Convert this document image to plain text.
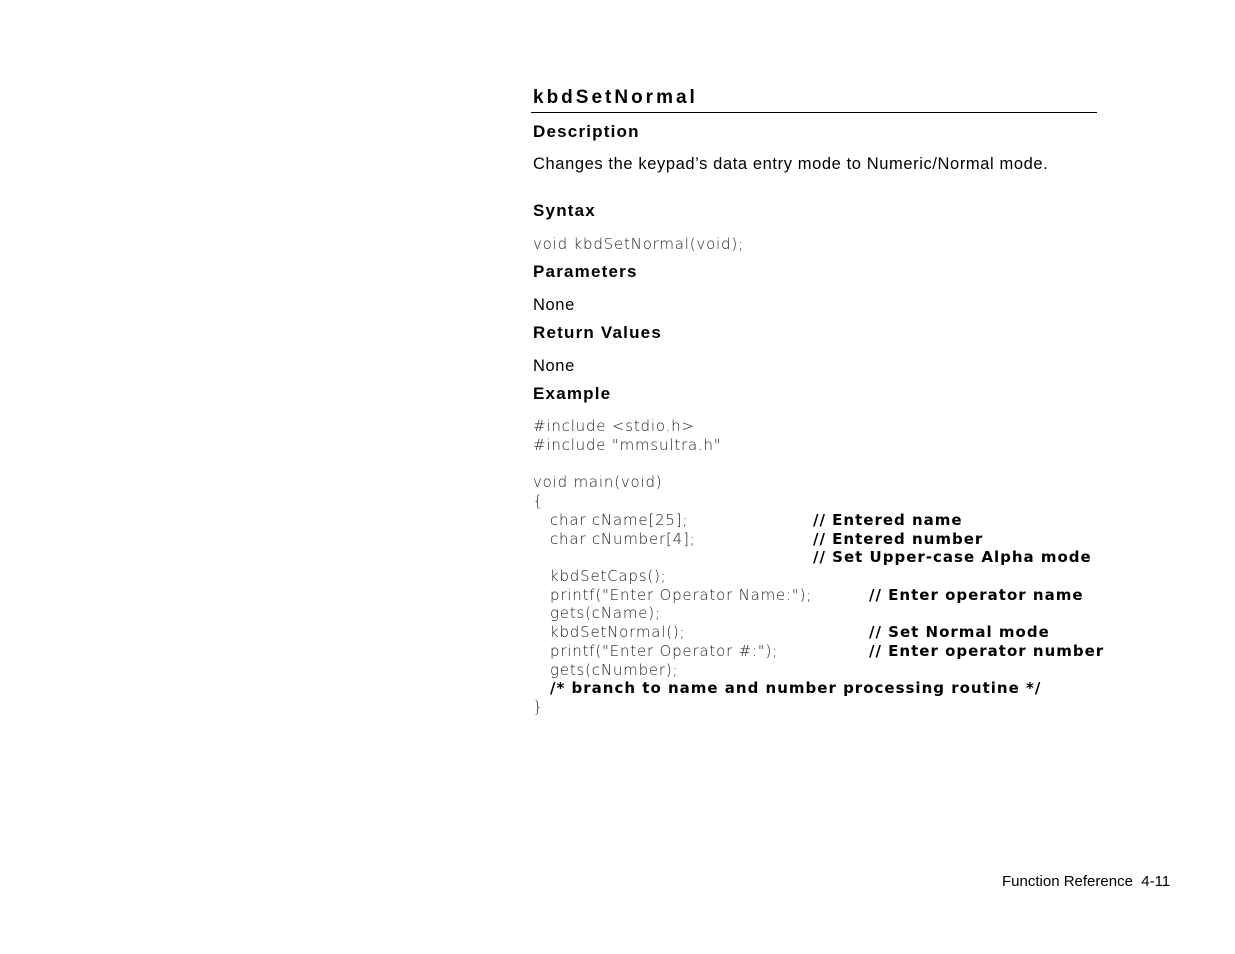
kbdSetNormal
Description

Changes the keypad’s data entry mode to Numeric/Normal mode.

Syntax
void kbdSetNormal(void);
Parameters

None

Return Values

None

Example
#include <stdio.h>
#include "mmsultra.h"
void main(void)
{
char cName[25];	// Entered name
char cNumber[4];	// Entered number
// Set Upper-case Alpha mode
kbdSetCaps();
printf("Enter Operator Name:");	// Enter operator name
gets(cName);
kbdSetNormal();	// Set Normal mode
printf("Enter Operator #:");	// Enter operator number
gets(cNumber);
/* branch to name and number processing routine */
}
Function Reference  4-11
